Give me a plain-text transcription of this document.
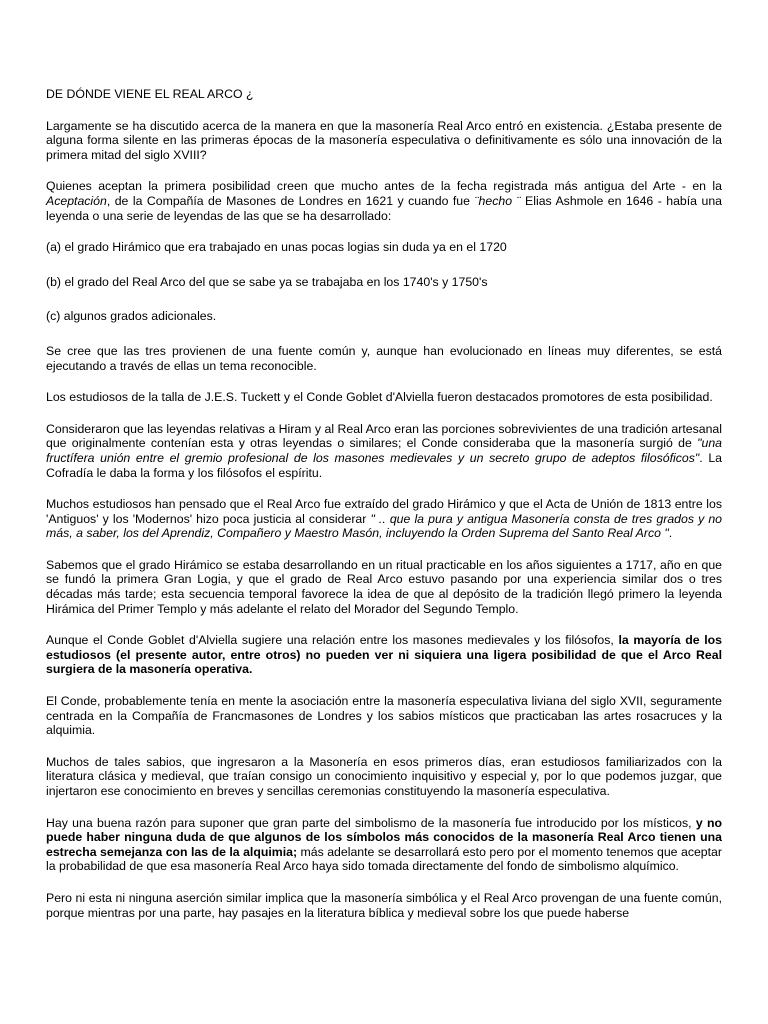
DE DÓNDE VIENE EL REAL ARCO ¿

Largamente se ha discutido acerca de la manera en que la masonería Real Arco entró en existencia. ¿Estaba presente de alguna forma silente en las primeras épocas de la masonería especulativa o definitivamente es sólo una innovación de la primera mitad del siglo XVIII?

Quienes aceptan la primera posibilidad creen que mucho antes de la fecha registrada más antigua del Arte - en la Aceptación, de la Compañía de Masones de Londres en 1621 y cuando fue ¨hecho ¨ Elias Ashmole en 1646 - había una leyenda o una serie de leyendas de las que se ha desarrollado:

(a) el grado Hirámico que era trabajado en unas pocas logias sin duda ya en el 1720

(b) el grado del Real Arco del que se sabe ya se trabajaba en los 1740's y 1750's

(c) algunos grados adicionales.

Se cree que las tres provienen de una fuente común y, aunque han evolucionado en líneas muy diferentes, se está ejecutando a través de ellas un tema reconocible.

Los estudiosos de la talla de J.E.S. Tuckett y el Conde Goblet d'Alviella fueron destacados promotores de esta posibilidad.

Consideraron que las leyendas relativas a Hiram y al Real Arco eran las porciones sobrevivientes de una tradición artesanal que originalmente contenían esta y otras leyendas o similares; el Conde consideraba que la masonería surgió de "una fructífera unión entre el gremio profesional de los masones medievales y un secreto grupo de adeptos filosóficos". La Cofradía le daba la forma y los filósofos el espíritu.

Muchos estudiosos han pensado que el Real Arco fue extraído del grado Hirámico y que el Acta de Unión de 1813 entre los 'Antiguos' y los 'Modernos' hizo poca justicia al considerar " .. que la pura y antigua Masonería consta de tres grados y no más, a saber, los del Aprendiz, Compañero y Maestro Masón, incluyendo la Orden Suprema del Santo Real Arco ".

Sabemos que el grado Hirámico se estaba desarrollando en un ritual practicable en los años siguientes a 1717, año en que se fundó la primera Gran Logia, y que el grado de Real Arco estuvo pasando por una experiencia similar dos o tres décadas más tarde; esta secuencia temporal favorece la idea de que al depósito de la tradición llegó primero la leyenda Hirámica del Primer Templo y más adelante el relato del Morador del Segundo Templo.

Aunque el Conde Goblet d'Alviella sugiere una relación entre los masones medievales y los filósofos, la mayoría de los estudiosos (el presente autor, entre otros) no pueden ver ni siquiera una ligera posibilidad de que el Arco Real surgiera de la masonería operativa.

El Conde, probablemente tenía en mente la asociación entre la masonería especulativa liviana del siglo XVII, seguramente centrada en la Compañía de Francmasones de Londres y los sabios místicos que practicaban las artes rosacruces y la alquimia.

Muchos de tales sabios, que ingresaron a la Masonería en esos primeros días, eran estudiosos familiarizados con la literatura clásica y medieval, que traían consigo un conocimiento inquisitivo y especial y, por lo que podemos juzgar, que injertaron ese conocimiento en breves y sencillas ceremonias constituyendo la masonería especulativa.

Hay una buena razón para suponer que gran parte del simbolismo de la masonería fue introducido por los místicos, y no puede haber ninguna duda de que algunos de los símbolos más conocidos de la masonería Real Arco tienen una estrecha semejanza con las de la alquimia; más adelante se desarrollará esto pero por el momento tenemos que aceptar la probabilidad de que esa masonería Real Arco haya sido tomada directamente del fondo de simbolismo alquímico.

Pero ni esta ni ninguna aserción similar implica que la masonería simbólica y el Real Arco provengan de una fuente común, porque mientras por una parte, hay pasajes en la literatura bíblica y medieval sobre los que puede haberse
